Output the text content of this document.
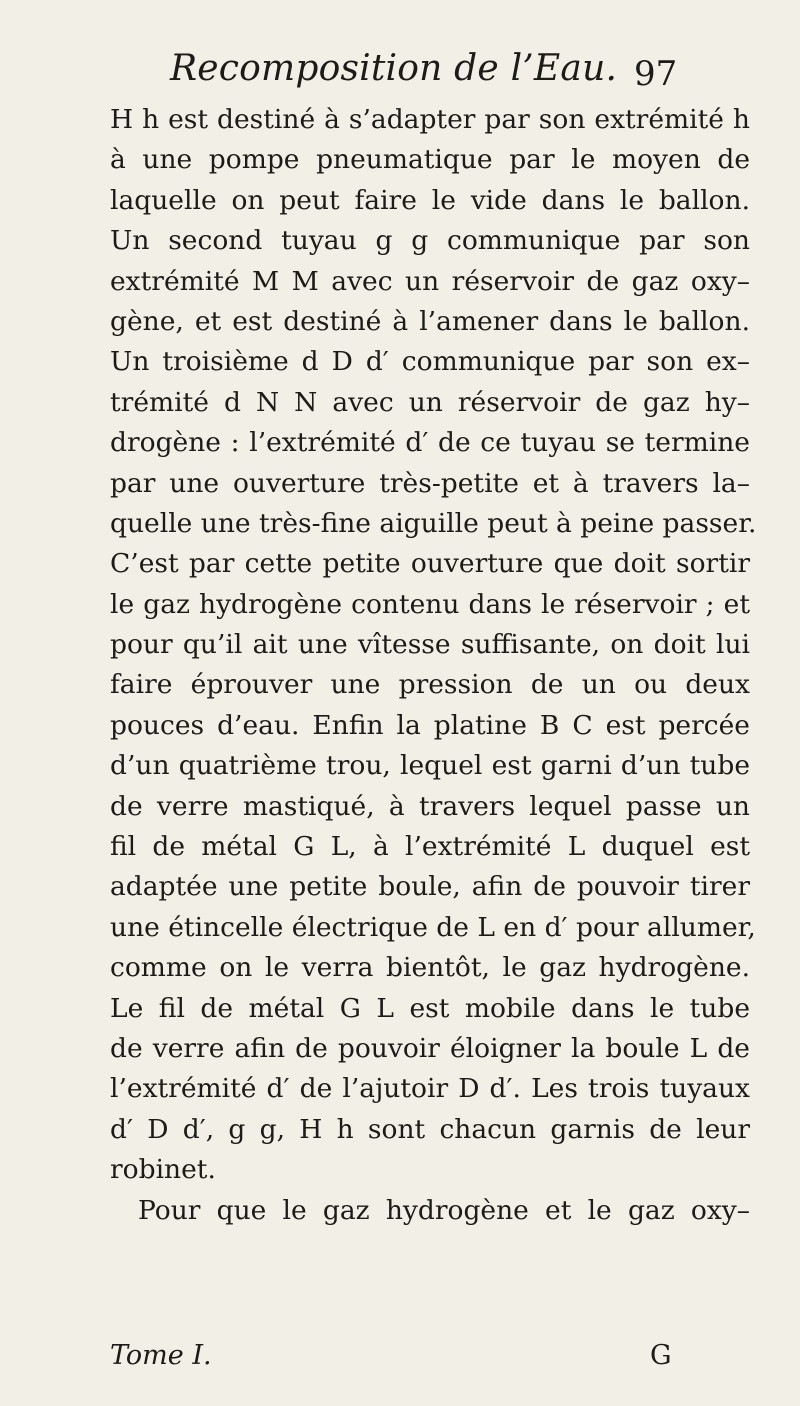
Recomposition de l’Eau. 97
H h est destiné à s’adapter par son extrémité h
à une pompe pneumatique par le moyen de
laquelle on peut faire le vide dans le ballon.
Un second tuyau g g communique par son
extrémité M M avec un réservoir de gaz oxy–
gène, et est destiné à l’amener dans le ballon.
Un troisième d D d′ communique par son ex–
trémité d N N avec un réservoir de gaz hy–
drogène : l’extrémité d′ de ce tuyau se termine
par une ouverture très-petite et à travers la–
quelle une très-fine aiguille peut à peine passer.
C’est par cette petite ouverture que doit sortir
le gaz hydrogène contenu dans le réservoir ; et
pour qu’il ait une vîtesse suffisante, on doit lui
faire éprouver une pression de un ou deux
pouces d’eau. Enfin la platine B C est percée
d’un quatrième trou, lequel est garni d’un tube
de verre mastiqué, à travers lequel passe un
fil de métal G L, à l’extrémité L duquel est
adaptée une petite boule, afin de pouvoir tirer
une étincelle électrique de L en d′ pour allumer,
comme on le verra bientôt, le gaz hydrogène.
Le fil de métal G L est mobile dans le tube
de verre afin de pouvoir éloigner la boule L de
l’extrémité d′ de l’ajutoir D d′. Les trois tuyaux
d′ D d′, g g, H h sont chacun garnis de leur
robinet.
Pour que le gaz hydrogène et le gaz oxy–
Tome I.	G
